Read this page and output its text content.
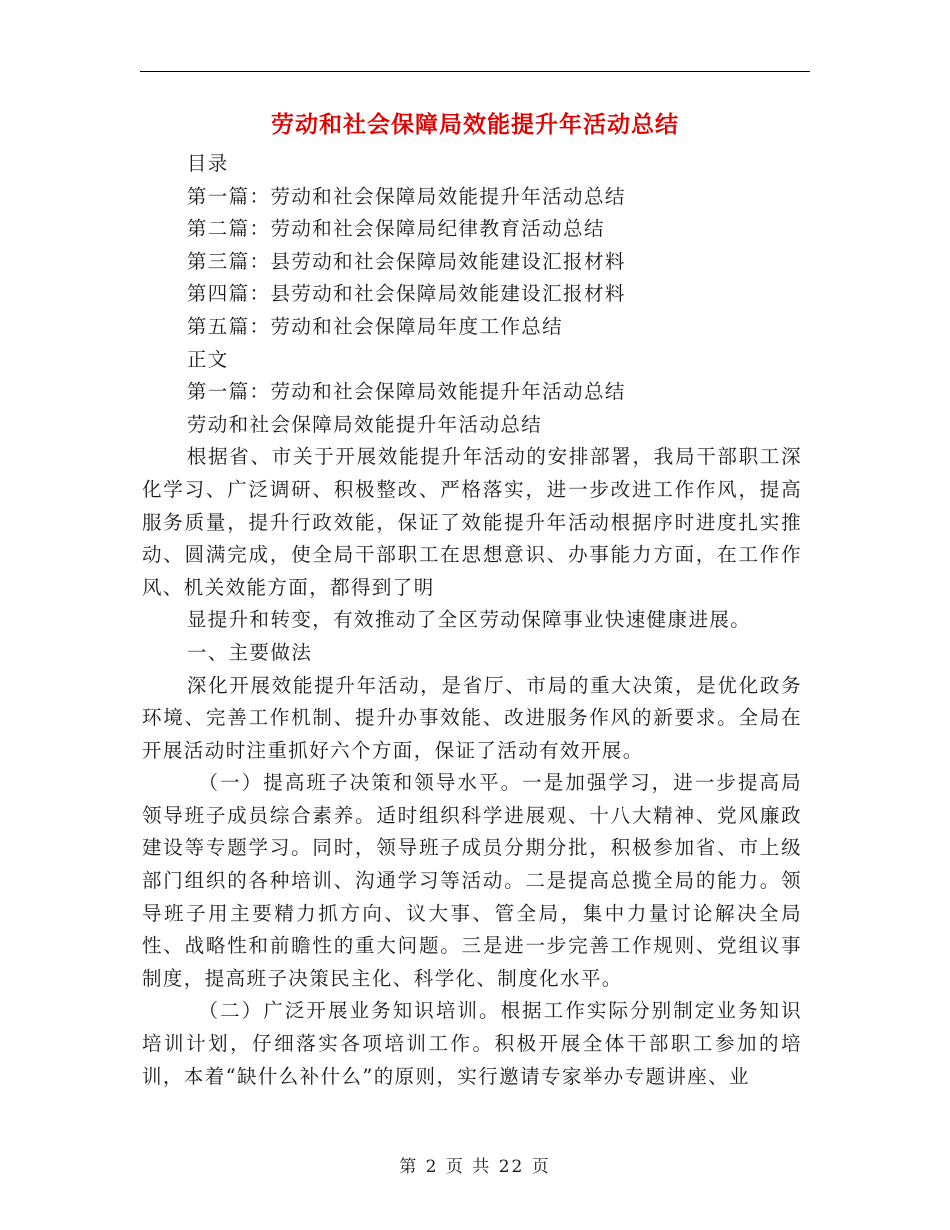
劳动和社会保障局效能提升年活动总结

目录

第一篇：劳动和社会保障局效能提升年活动总结

第二篇：劳动和社会保障局纪律教育活动总结

第三篇：县劳动和社会保障局效能建设汇报材料

第四篇：县劳动和社会保障局效能建设汇报材料

第五篇：劳动和社会保障局年度工作总结

正文

第一篇：劳动和社会保障局效能提升年活动总结

劳动和社会保障局效能提升年活动总结

根据省、市关于开展效能提升年活动的安排部署，我局干部职工深化学习、广泛调研、积极整改、严格落实，进一步改进工作作风，提高服务质量，提升行政效能，保证了效能提升年活动根据序时进度扎实推动、圆满完成，使全局干部职工在思想意识、办事能力方面，在工作作风、机关效能方面，都得到了明

显提升和转变，有效推动了全区劳动保障事业快速健康进展。

一、主要做法

深化开展效能提升年活动，是省厅、市局的重大决策，是优化政务环境、完善工作机制、提升办事效能、改进服务作风的新要求。全局在开展活动时注重抓好六个方面，保证了活动有效开展。

（一）提高班子决策和领导水平。一是加强学习，进一步提高局领导班子成员综合素养。适时组织科学进展观、十八大精神、党风廉政建设等专题学习。同时，领导班子成员分期分批，积极参加省、市上级部门组织的各种培训、沟通学习等活动。二是提高总揽全局的能力。领导班子用主要精力抓方向、议大事、管全局，集中力量讨论解决全局性、战略性和前瞻性的重大问题。三是进一步完善工作规则、党组议事制度，提高班子决策民主化、科学化、制度化水平。

（二）广泛开展业务知识培训。根据工作实际分别制定业务知识培训计划，仔细落实各项培训工作。积极开展全体干部职工参加的培训，本着“缺什么补什么”的原则，实行邀请专家举办专题讲座、业

第 2 页 共 22 页
